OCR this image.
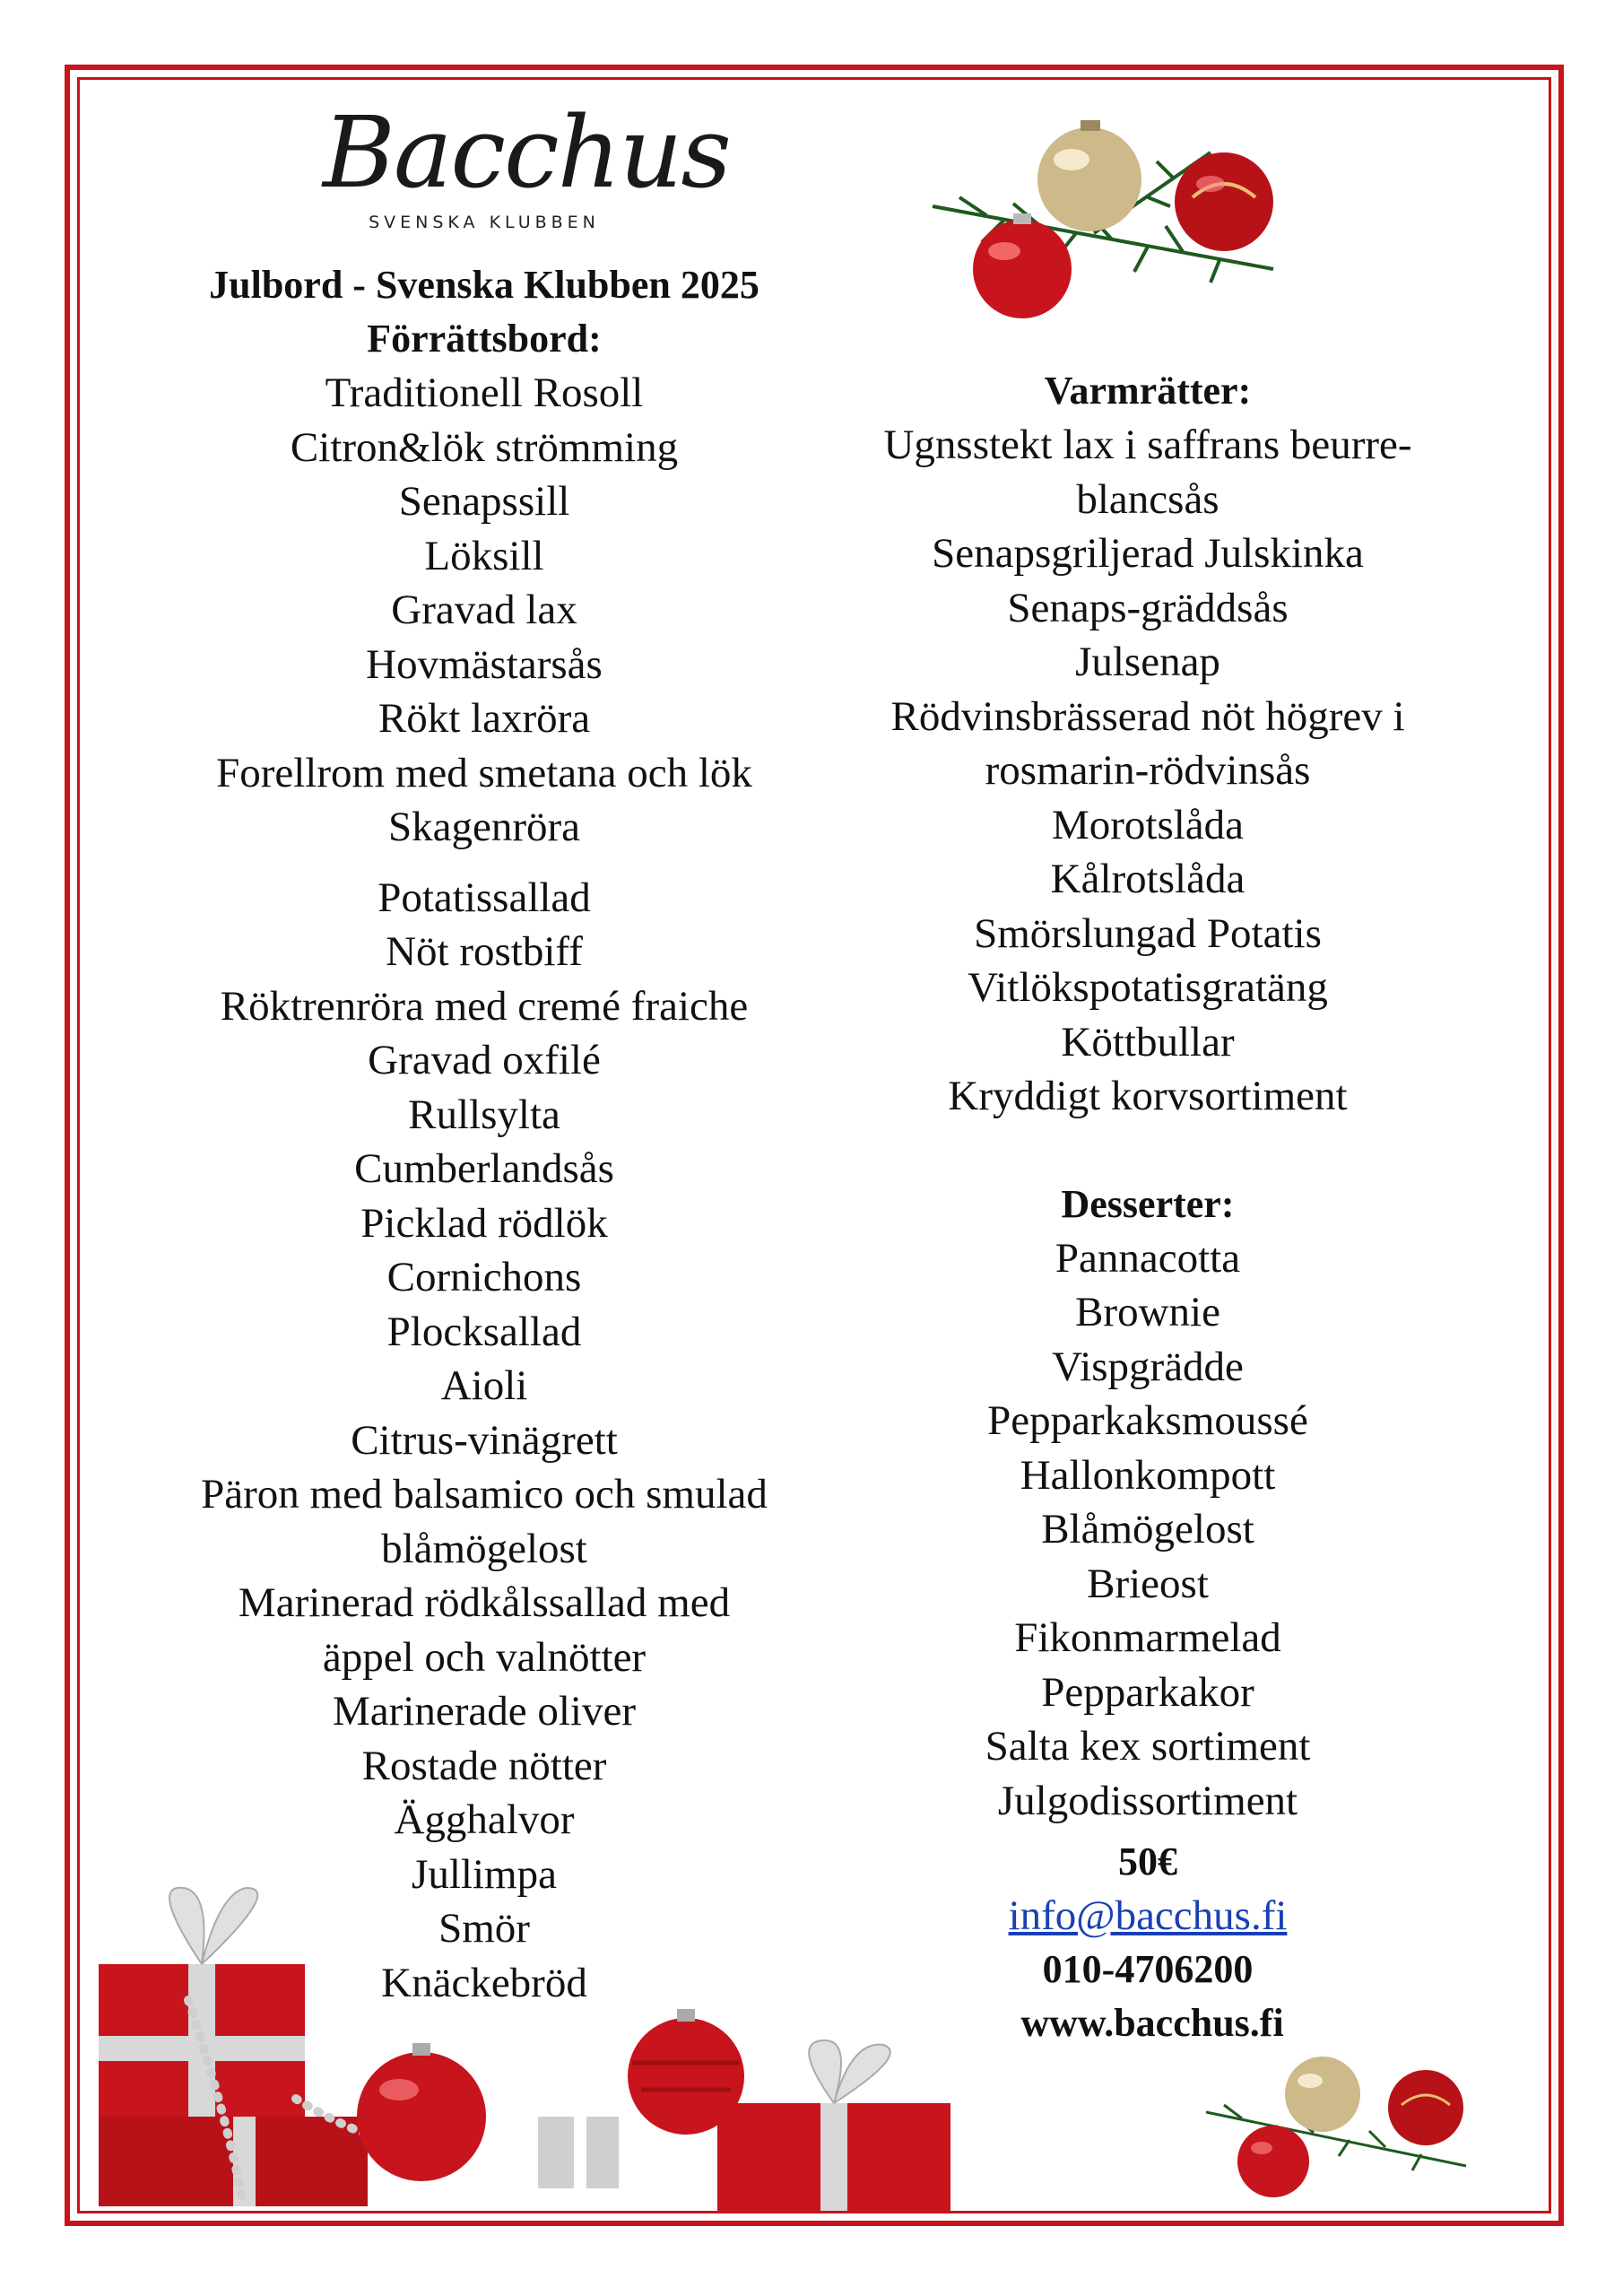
Bacchus
SVENSKA KLUBBEN
Julbord - Svenska Klubben 2025
Förrättsbord:
Traditionell Rosoll
Citron&lök strömming
Senapssill
Löksill
Gravad lax
Hovmästarsås
Rökt laxröra
Forellrom med smetana och lök
Skagenröra
Potatissallad
Nöt rostbiff
Röktrenröra med cremé fraiche
Gravad oxfilé
Rullsylta
Cumberlandsås
Picklad rödlök
Cornichons
Plocksallad
Aioli
Citrus-vinägrett
Päron med balsamico och smulad
blåmögelost
Marinerad rödkålssallad med
äppel och valnötter
Marinerade oliver
Rostade nötter
Ägghalvor
Jullimpa
Smör
Knäckebröd
Varmrätter:
Ugnsstekt lax i saffrans beurre-
blancsås
Senapsgriljerad Julskinka
Senaps-gräddsås
Julsenap
Rödvinsbrässerad nöt högrev i
rosmarin-rödvinsås
Morotslåda
Kålrotslåda
Smörslungad Potatis
Vitlökspotatisgratäng
Köttbullar
Kryddigt korvsortiment
Desserter:
Pannacotta
Brownie
Vispgrädde
Pepparkaksmoussé
Hallonkompott
Blåmögelost
Brieost
Fikonmarmelad
Pepparkakor
Salta kex sortiment
Julgodissortiment
50€
info@bacchus.fi
010-4706200
www.bacchus.fi
